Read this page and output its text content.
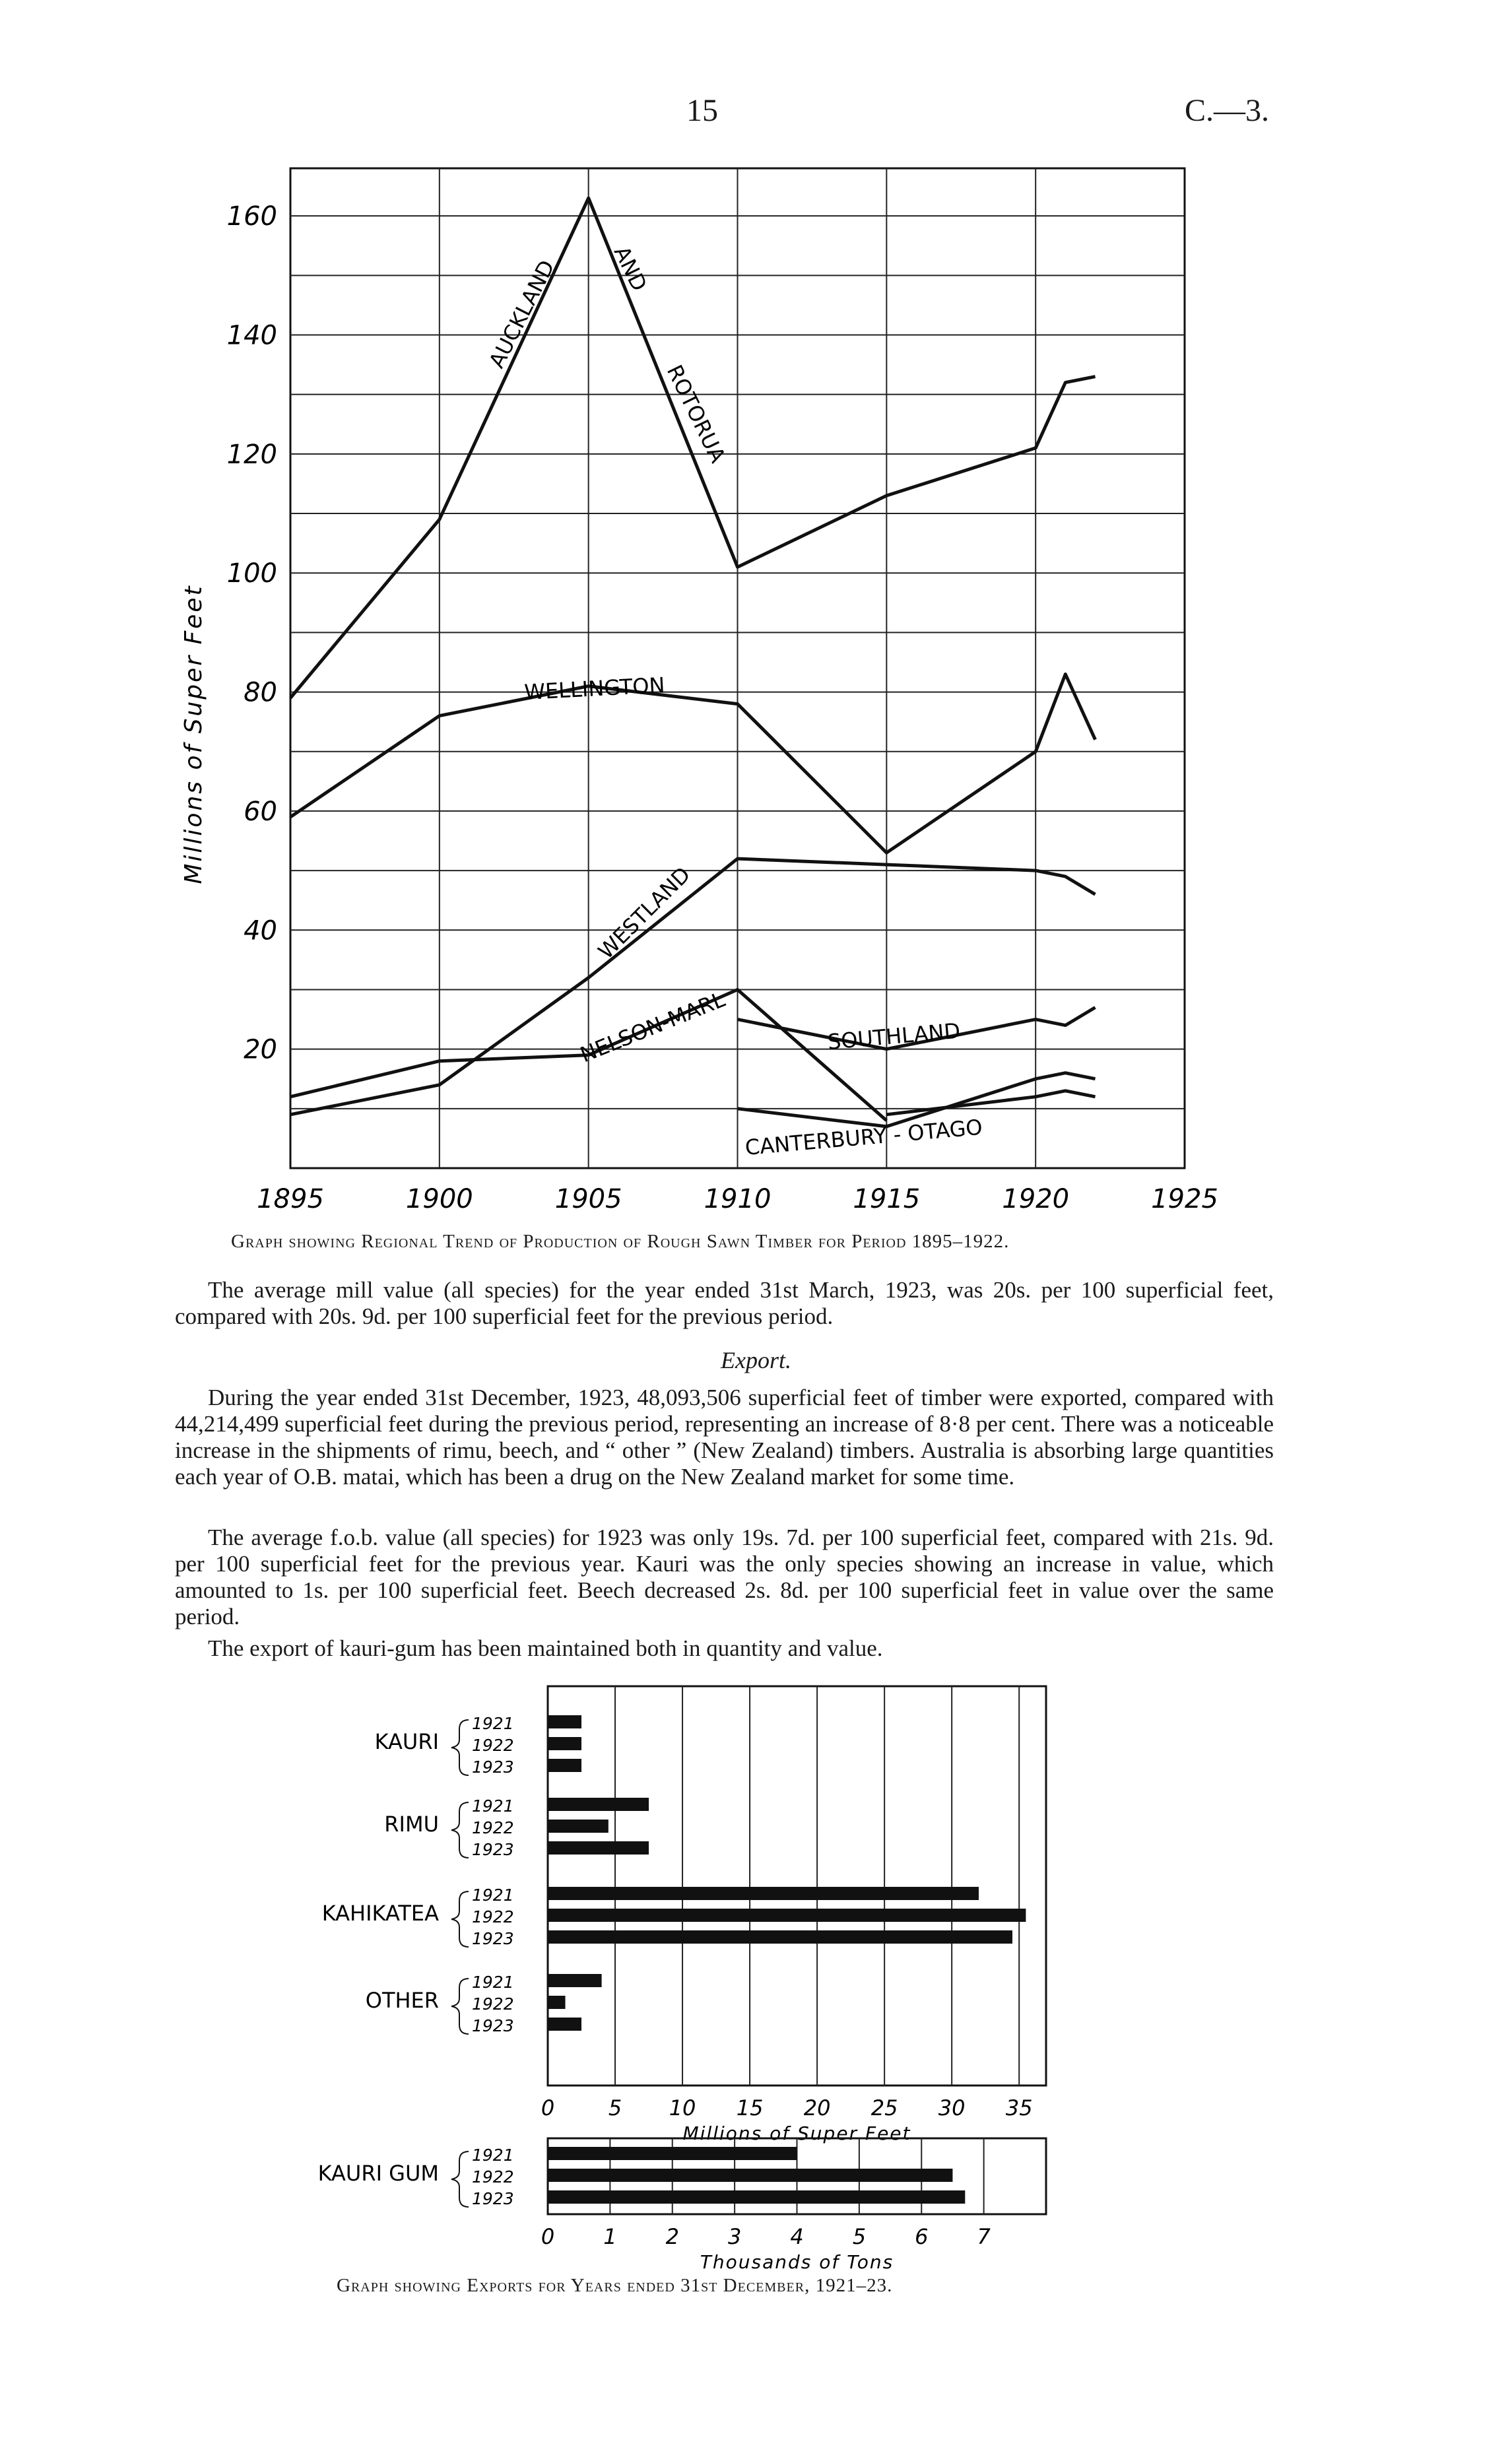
15	C.—3.
20
40
60
80
100
120
140
160
1895	1900	1905	1910	1915	1920	1925
Millions of Super Feet
AUCKLAND AND
ROTORUA
WELLINGTON
WESTLAND
NELSON-MARL	SOUTHLAND
CANTERBURY - OTAGO
Graph showing Regional Trend of Production of Rough Sawn Timber for Period 1895–1922.
The average mill value (all species) for the year ended 31st March, 1923, was 20s. per 100 superficial feet, compared with 20s. 9d. per 100 superficial feet for the previous period.
Export.
During the year ended 31st December, 1923, 48,093,506 superficial feet of timber were exported, compared with 44,214,499 superficial feet during the previous period, representing an increase of 8·8 per cent. There was a noticeable increase in the shipments of rimu, beech, and “ other ” (New Zealand) timbers. Australia is absorbing large quantities each year of O.B. matai, which has been a drug on the New Zealand market for some time.
The average f.o.b. value (all species) for 1923 was only 19s. 7d. per 100 superficial feet, compared with 21s. 9d. per 100 superficial feet for the previous year. Kauri was the only species showing an increase in value, which amounted to 1s. per 100 superficial feet. Beech decreased 2s. 8d. per 100 superficial feet in value over the same period.
The export of kauri-gum has been maintained both in quantity and value.
0	5 10 15 20 25 30 35
Millions of Super Feet
KAURI
1921
1922
1923
RIMU
1921
1922
1923
KAHIKATEA
1921
1922
1923
OTHER
1921
1922
1923
0 1 2 3 4 5 6 7
Thousands of Tons
KAURI GUM
1921
1922
1923
Graph showing Exports for Years ended 31st December, 1921–23.
